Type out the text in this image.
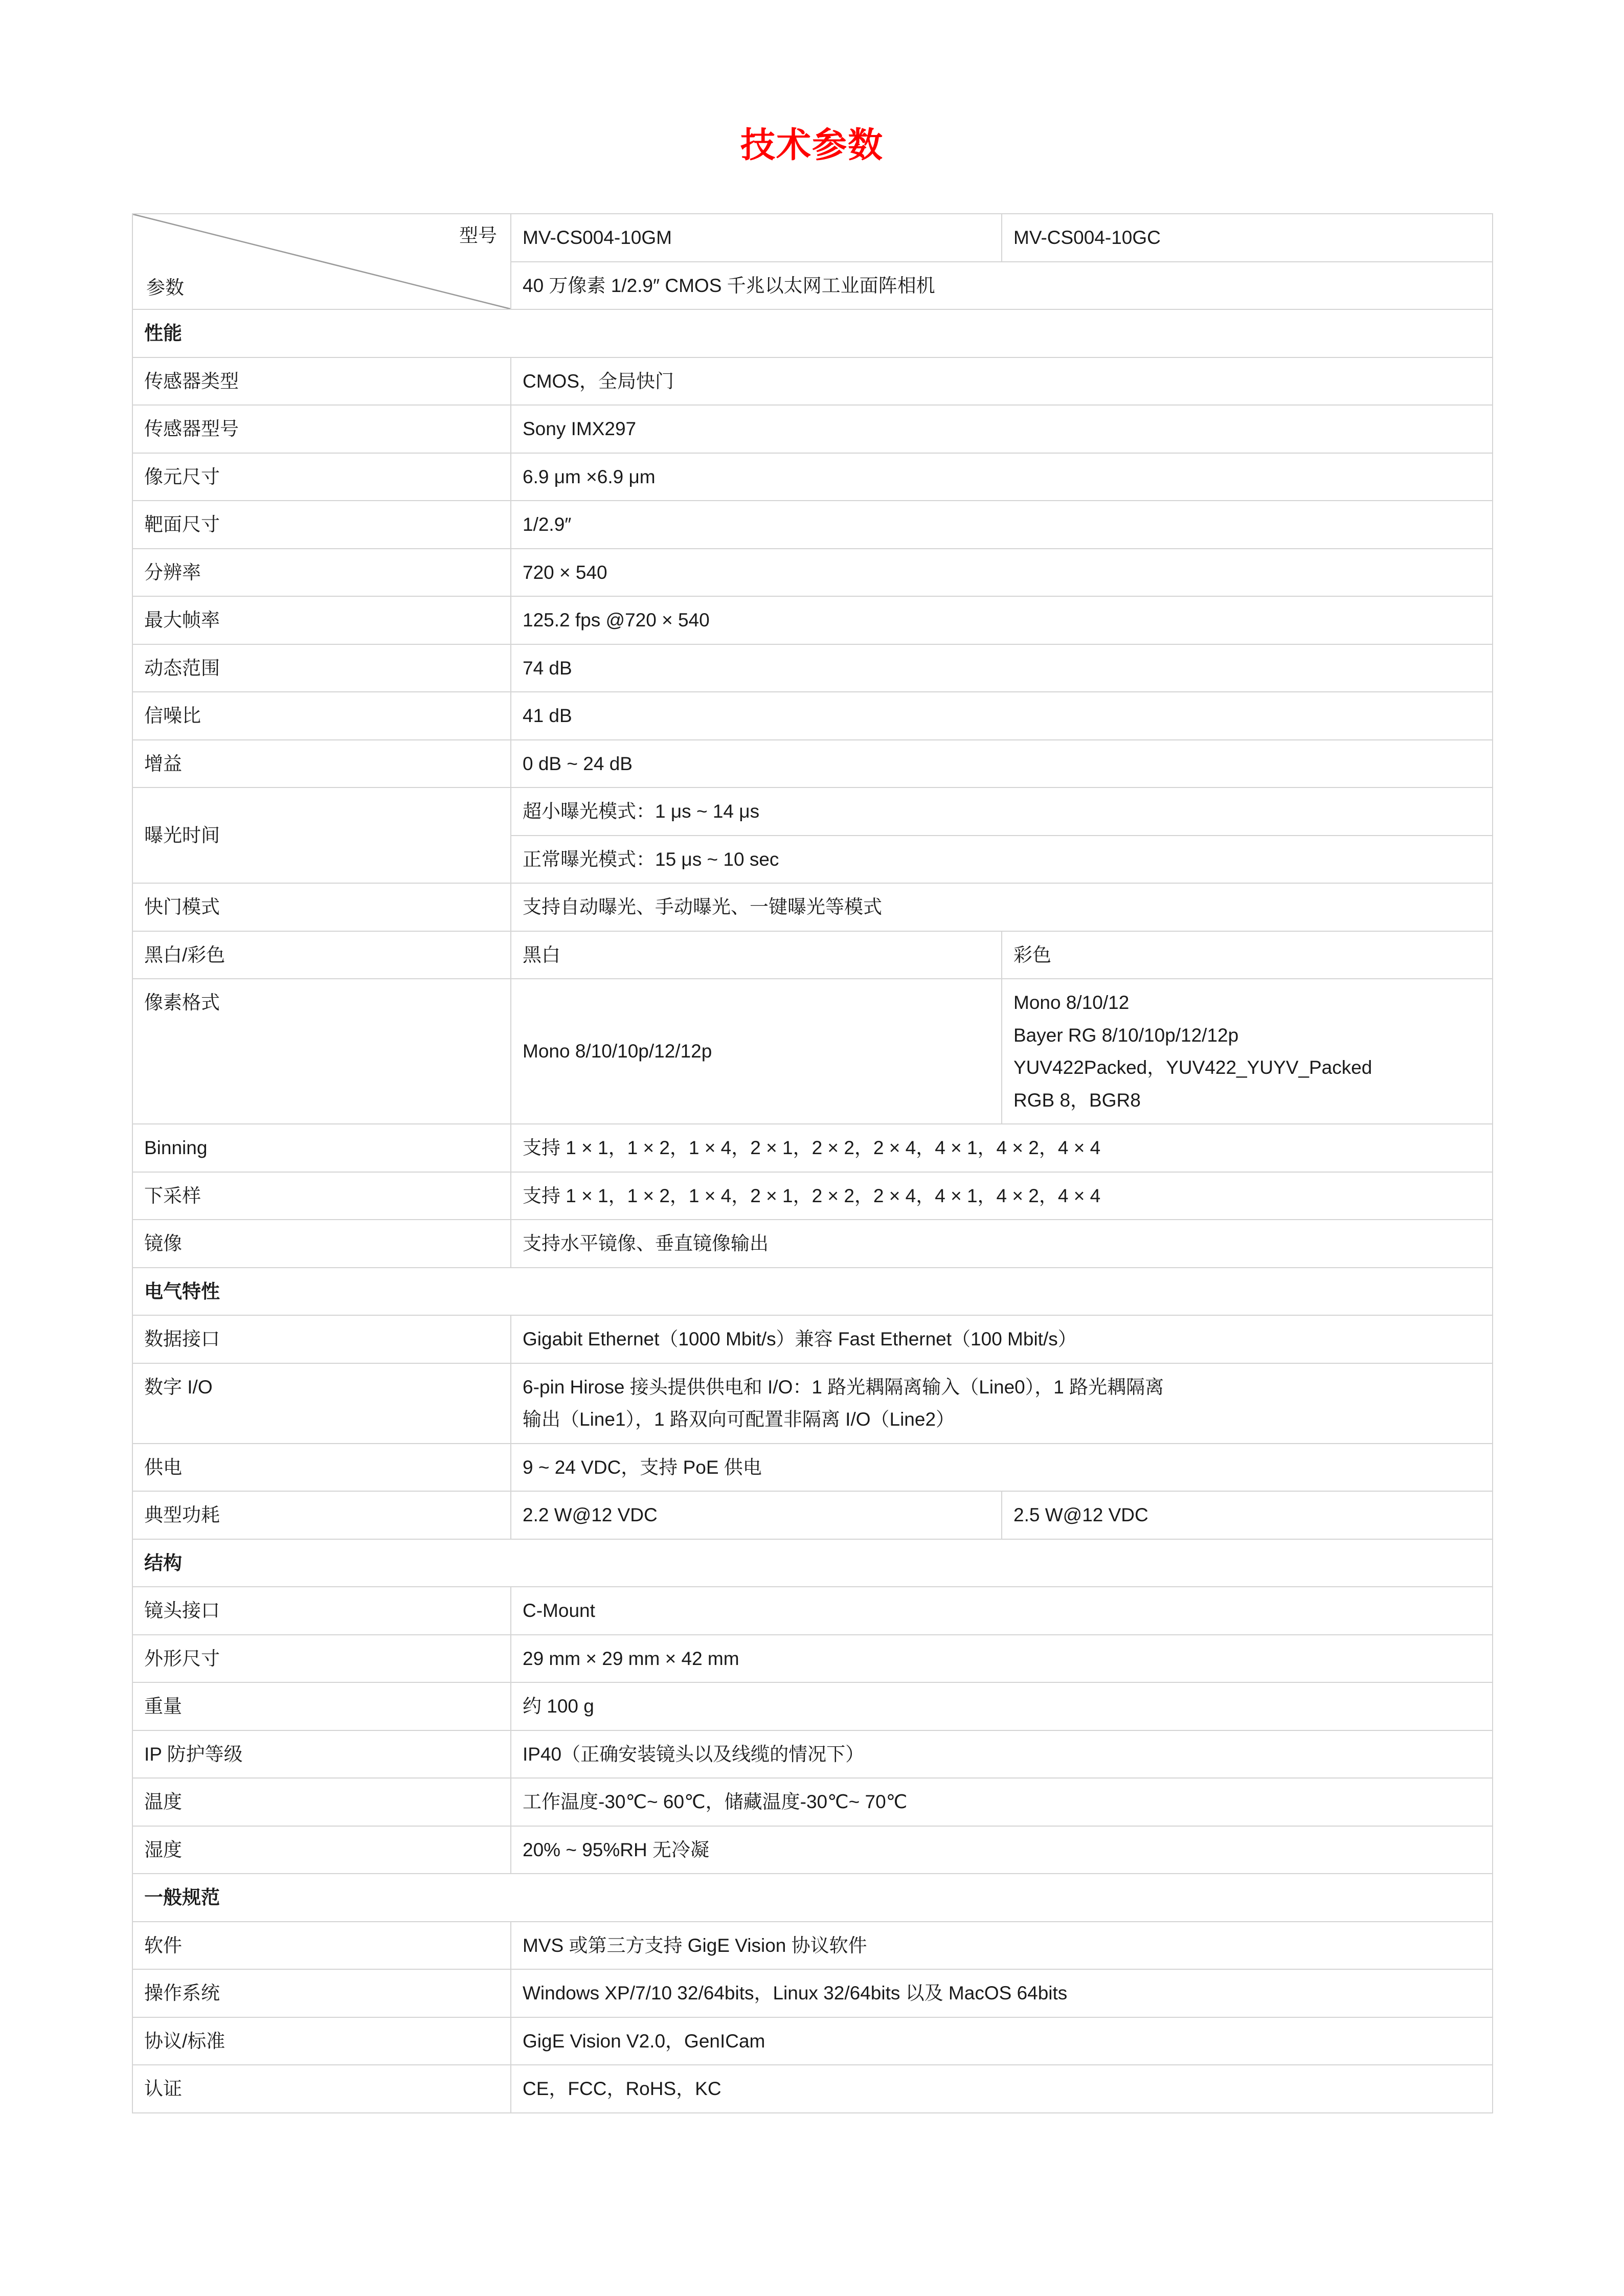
技术参数
型号
参数	MV-CS004-10GM	MV-CS004-10GC
	40 万像素 1/2.9″ CMOS 千兆以太网工业面阵相机	
性能		
传感器类型	CMOS，全局快门	
传感器型号	Sony IMX297	
像元尺寸	6.9 μm ×6.9 μm	
靶面尺寸	1/2.9″	
分辨率	720 × 540	
最大帧率	125.2 fps @720 × 540	
动态范围	74 dB	
信噪比	41 dB	
增益	0 dB ~ 24 dB	
曝光时间	超小曝光模式：1 μs ~ 14 μs	
	正常曝光模式：15 μs ~ 10 sec	
快门模式	支持自动曝光、手动曝光、一键曝光等模式	
黑白/彩色	黑白	彩色
像素格式	Mono 8/10/10p/12/12p	Mono 8/10/12

Bayer RG 8/10/10p/12/12p

YUV422Packed，YUV422_YUYV_Packed

RGB 8，BGR8

Binning	支持 1 × 1，1 × 2，1 × 4，2 × 1，2 × 2，2 × 4，4 × 1，4 × 2，4 × 4	
下采样	支持 1 × 1，1 × 2，1 × 4，2 × 1，2 × 2，2 × 4，4 × 1，4 × 2，4 × 4	
镜像	支持水平镜像、垂直镜像输出	
电气特性		
数据接口	Gigabit Ethernet（1000 Mbit/s）兼容 Fast Ethernet（100 Mbit/s）	
数字 I/O	6-pin Hirose 接头提供供电和 I/O：1 路光耦隔离输入（Line0），1 路光耦隔离

输出（Line1），1 路双向可配置非隔离 I/O（Line2）	

供电	9 ~ 24 VDC，支持 PoE 供电	
典型功耗	2.2 W@12 VDC	2.5 W@12 VDC
结构		
镜头接口	C-Mount	
外形尺寸	29 mm × 29 mm × 42 mm	
重量	约 100 g	
IP 防护等级	IP40（正确安装镜头以及线缆的情况下）	
温度	工作温度-30℃~ 60℃，储藏温度-30℃~ 70℃	
湿度	20% ~ 95%RH 无冷凝	
一般规范		
软件	MVS 或第三方支持 GigE Vision 协议软件	
操作系统	Windows XP/7/10 32/64bits，Linux 32/64bits 以及 MacOS 64bits	
协议/标准	GigE Vision V2.0，GenICam	
认证	CE，FCC，RoHS，KC	
